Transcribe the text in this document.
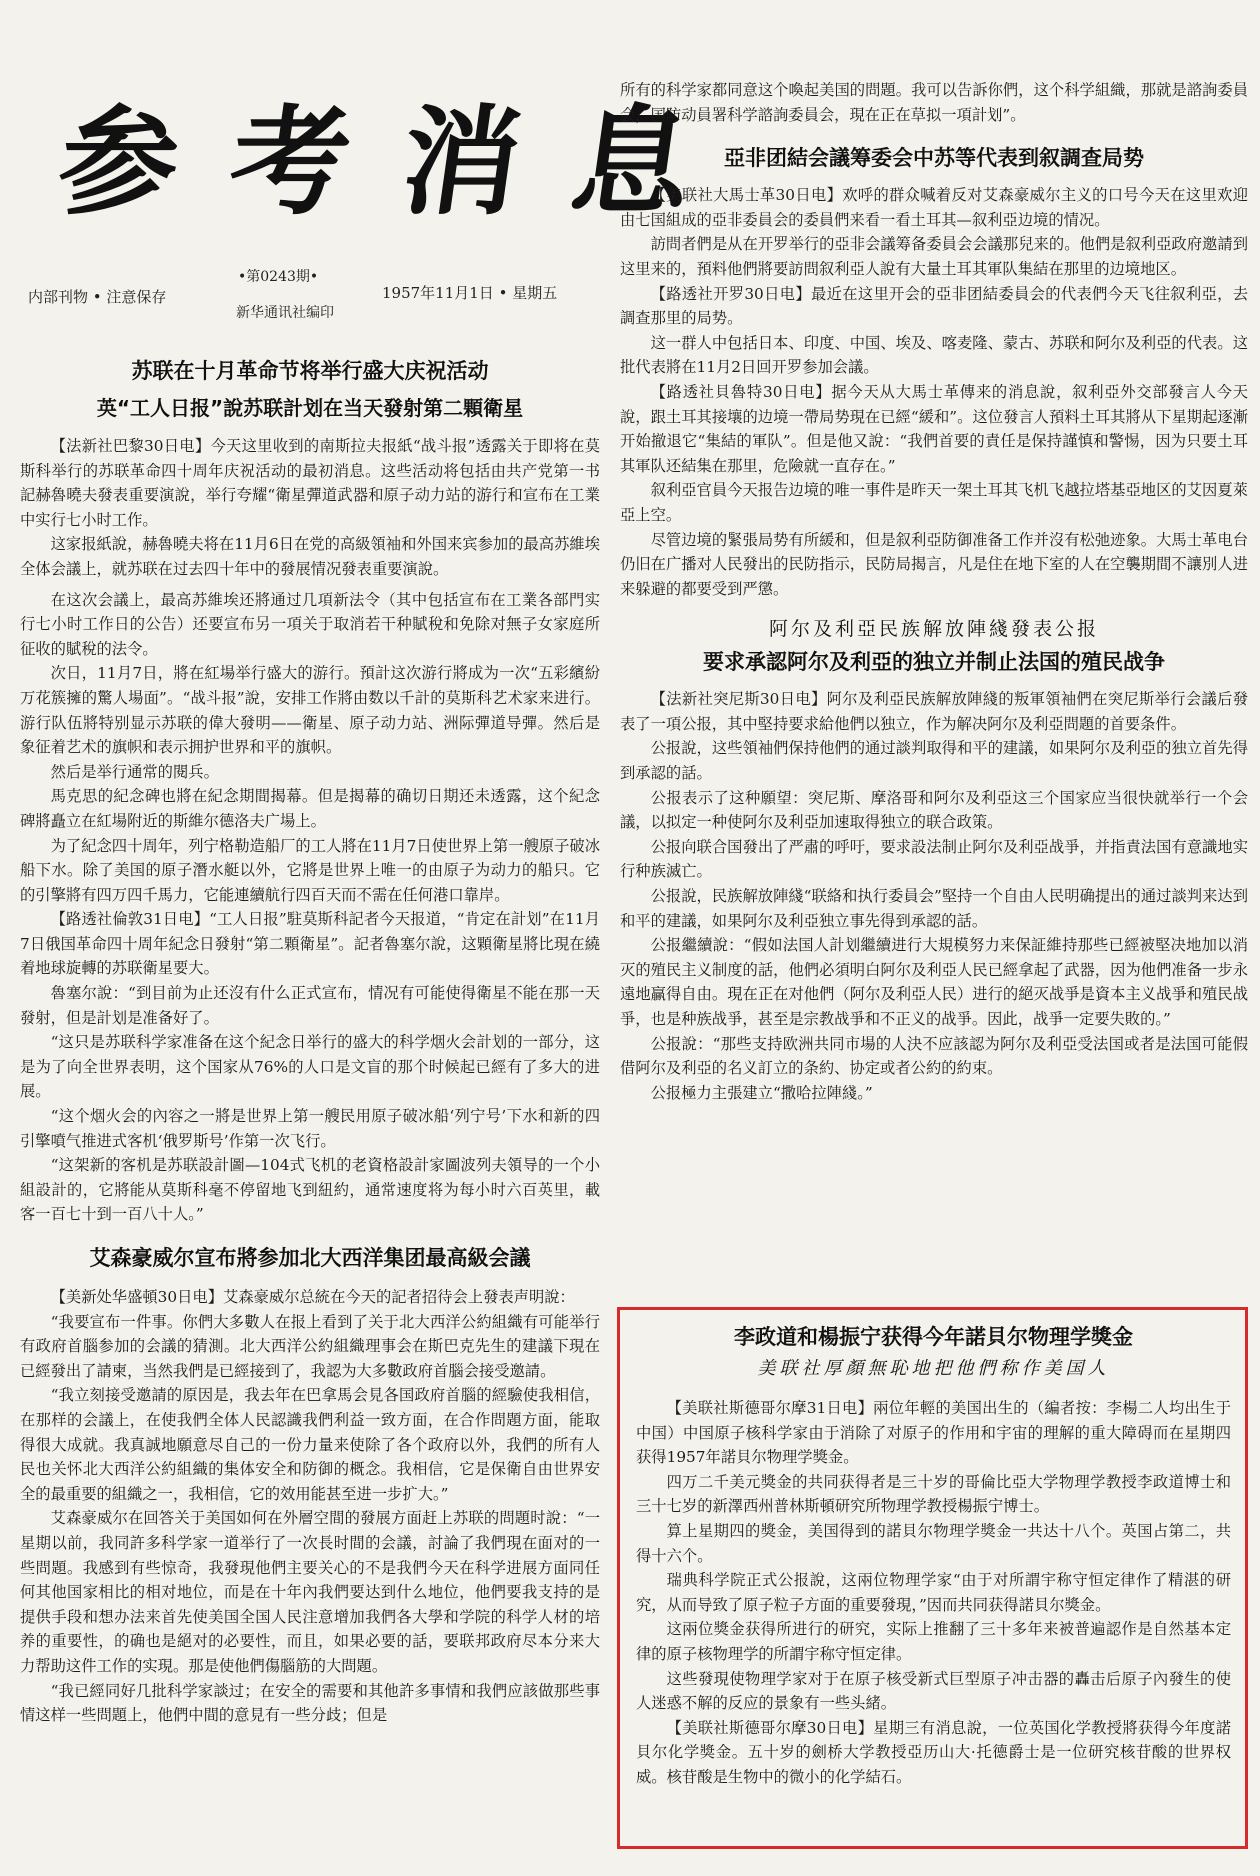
参 考 消 息
•第0243期•
内部刊物 • 注意保存	1957年11月1日 • 星期五
新华通讯社编印
苏联在十月革命节将举行盛大庆祝活动
英“工人日报”說苏联計划在当天發射第二顆衛星

【法新社巴黎30日电】今天这里收到的南斯拉夫报紙“战斗报”透露关于即将在莫斯科举行的苏联革命四十周年庆祝活动的最初消息。这些活动将包括由共产党第一书記赫魯曉夫發表重要演說，举行夸耀“衛星彈道武器和原子动力站的游行和宣布在工業中实行七小时工作。

这家报紙說，赫魯曉夫将在11月6日在党的高級領袖和外国来宾参加的最高苏維埃全体会議上，就苏联在过去四十年中的發展情况發表重要演說。

在这次会議上，最高苏維埃还將通过几項新法令（其中包括宣布在工業各部門实行七小时工作日的公告）还要宣布另一項关于取消若干种賦稅和免除对無子女家庭所征收的賦稅的法令。

次日，11月7日，將在紅場举行盛大的游行。預計这次游行將成为一次“五彩繽紛万花簇擁的驚人場面”。“战斗报”說，安排工作將由数以千計的莫斯科艺术家来进行。游行队伍將特别显示苏联的偉大發明——衛星、原子动力站、洲际彈道导彈。然后是象征着艺术的旗帜和表示拥护世界和平的旗帜。

然后是举行通常的閱兵。

馬克思的紀念碑也將在紀念期間揭幕。但是揭幕的确切日期还未透露，这个紀念碑將矗立在紅場附近的斯維尔德洛夫广場上。

为了紀念四十周年，列宁格勒造船厂的工人將在11月7日使世界上第一艘原子破冰船下水。除了美国的原子潛水艇以外，它將是世界上唯一的由原子为动力的船只。它的引擎將有四万四千馬力，它能連續航行四百天而不需在任何港口靠岸。

【路透社倫敦31日电】“工人日报”駐莫斯科記者今天报道，“肯定在計划”在11月7日俄国革命四十周年紀念日發射“第二顆衛星”。記者魯塞尔說，这顆衛星將比現在繞着地球旋轉的苏联衛星要大。

魯塞尔說：“到目前为止还沒有什么正式宣布，情况有可能使得衛星不能在那一天發射，但是計划是准备好了。

“这只是苏联科学家准备在这个紀念日举行的盛大的科学烟火会計划的一部分，这是为了向全世界表明，这个国家从76%的人口是文盲的那个时候起已經有了多大的进展。

“这个烟火会的內容之一將是世界上第一艘民用原子破冰船‘列宁号’下水和新的四引擎噴气推进式客机‘俄罗斯号’作第一次飞行。

“这架新的客机是苏联設計圖—104式飞机的老資格設計家圖波列夫領导的一个小組設計的，它將能从莫斯科毫不停留地飞到紐約，通常速度将为每小时六百英里，載客一百七十到一百八十人。”

艾森豪威尔宣布將参加北大西洋集团最高級会議

【美新处华盛頓30日电】艾森豪威尔总統在今天的記者招待会上發表声明說：

“我要宣布一件事。你們大多數人在报上看到了关于北大西洋公約組織有可能举行有政府首腦参加的会議的猜測。北大西洋公約組織理事会在斯巴克先生的建議下現在已經發出了請柬，当然我們是已經接到了，我認为大多數政府首腦会接受邀請。

“我立刻接受邀請的原因是，我去年在巴拿馬会見各国政府首腦的經驗使我相信，在那样的会議上，在使我們全体人民認識我們利益一致方面，在合作問題方面，能取得很大成就。我真誠地願意尽自己的一份力量来使除了各个政府以外，我們的所有人民也关怀北大西洋公約組織的集体安全和防御的概念。我相信，它是保衛自由世界安全的最重要的組織之一，我相信，它的效用能甚至进一步扩大。”

艾森豪威尔在回答关于美国如何在外層空間的發展方面赶上苏联的問題时說：“一星期以前，我同許多科学家一道举行了一次長时間的会議，討論了我們現在面对的一些問題。我感到有些惊奇，我發現他們主要关心的不是我們今天在科学进展方面同任何其他国家相比的相对地位，而是在十年內我們要达到什么地位，他們要我支持的是提供手段和想办法来首先使美国全国人民注意增加我們各大學和学院的科学人材的培养的重要性，的确也是絕对的必要性，而且，如果必要的話，要联邦政府尽本分来大力帮助这件工作的实現。那是使他們傷腦筋的大問題。

“我已經同好几批科学家談过；在安全的需要和其他許多事情和我們应該做那些事情这样一些問題上，他們中間的意見有一些分歧；但是

所有的科学家都同意这个喚起美国的問題。我可以告訴你們，这个科学組織，那就是諮詢委員会，国防动員署科学諮詢委員会，現在正在草拟一項計划”。

亞非团結会議筹委会中苏等代表到叙調查局势

【美联社大馬士革30日电】欢呼的群众喊着反对艾森豪威尔主义的口号今天在这里欢迎由七国組成的亞非委員会的委員們来看一看土耳其—叙利亞边境的情况。

訪問者們是从在开罗举行的亞非会議筹备委員会会議那兒来的。他們是叙利亞政府邀請到这里来的，預料他們將要訪問叙利亞人說有大量土耳其軍队集結在那里的边境地区。

【路透社开罗30日电】最近在这里开会的亞非团結委員会的代表們今天飞往叙利亞，去調查那里的局势。

这一群人中包括日本、印度、中国、埃及、喀麦隆、蒙古、苏联和阿尔及利亞的代表。这批代表將在11月2日回开罗参加会議。

【路透社貝魯特30日电】据今天从大馬士革傳来的消息說，叙利亞外交部發言人今天說，跟土耳其接壤的边境一帶局势現在已經“緩和”。这位發言人預料土耳其將从下星期起逐漸开始撤退它“集結的軍队”。但是他又說：“我們首要的責任是保持謹慎和警惕，因为只要土耳其軍队还結集在那里，危險就一直存在。”

叙利亞官員今天报告边境的唯一事件是昨天一架土耳其飞机飞越拉塔基亞地区的艾因夏萊亞上空。

尽管边境的緊張局势有所緩和，但是叙利亞防御准备工作并沒有松弛迹象。大馬士革电台仍旧在广播对人民發出的民防指示，民防局揭言，凡是住在地下室的人在空襲期間不讓別人进来躲避的都要受到严懲。

阿尔及利亞民族解放陣綫發表公报
要求承認阿尔及利亞的独立并制止法国的殖民战争

【法新社突尼斯30日电】阿尔及利亞民族解放陣綫的叛軍領袖們在突尼斯举行会議后發表了一項公报，其中堅持要求給他們以独立，作为解决阿尔及利亞問題的首要条件。

公报說，这些領袖們保持他們的通过談判取得和平的建議，如果阿尔及利亞的独立首先得到承認的話。

公报表示了这种願望：突尼斯、摩洛哥和阿尔及利亞这三个国家应当很快就举行一个会議，以拟定一种使阿尔及利亞加速取得独立的联合政策。

公报向联合国發出了严肅的呼吁，要求設法制止阿尔及利亞战爭，并指責法国有意識地实行种族滅亡。

公报說，民族解放陣綫“联絡和执行委員会”堅持一个自由人民明确提出的通过談判来达到和平的建議，如果阿尔及利亞独立事先得到承認的話。

公报繼續說：“假如法国人計划繼續进行大規模努力来保証維持那些已經被堅决地加以消灭的殖民主义制度的話，他們必須明白阿尔及利亞人民已經拿起了武器，因为他們准备一步永遠地贏得自由。現在正在对他們（阿尔及利亞人民）进行的絕灭战爭是資本主义战爭和殖民战爭，也是种族战爭，甚至是宗教战爭和不正义的战爭。因此，战爭一定要失敗的。”

公报說：“那些支持欧洲共同市場的人決不应該認为阿尔及利亞受法国或者是法国可能假借阿尔及利亞的名义訂立的条約、协定或者公約的約束。

公报極力主張建立“撒哈拉陣綫。”

李政道和楊振宁获得今年諾貝尔物理学獎金
美联社厚顏無恥地把他們称作美国人

【美联社斯德哥尔摩31日电】兩位年輕的美国出生的（編者按：李楊二人均出生于中国）中国原子核科学家由于消除了对原子的作用和宇宙的理解的重大障碍而在星期四获得1957年諾貝尔物理学獎金。

四万二千美元獎金的共同获得者是三十岁的哥倫比亞大学物理学教授李政道博士和三十七岁的新澤西州普林斯頓研究所物理学教授楊振宁博士。

算上星期四的獎金，美国得到的諾貝尔物理学獎金一共达十八个。英国占第二，共得十六个。

瑞典科学院正式公报說，这兩位物理学家“由于对所謂宇称守恒定律作了精湛的研究，从而导致了原子粒子方面的重要發現，”因而共同获得諾貝尔獎金。

这兩位獎金获得所进行的研究，实际上推翻了三十多年来被普遍認作是自然基本定律的原子核物理学的所謂宇称守恒定律。

这些發現使物理学家对于在原子核受新式巨型原子冲击器的轟击后原子內發生的使人迷惑不解的反应的景象有一些头緒。

【美联社斯德哥尔摩30日电】星期三有消息說，一位英国化学教授將获得今年度諾貝尔化学獎金。五十岁的劍桥大学教授亞历山大·托德爵士是一位研究核苷酸的世界权威。核苷酸是生物中的微小的化学結石。
